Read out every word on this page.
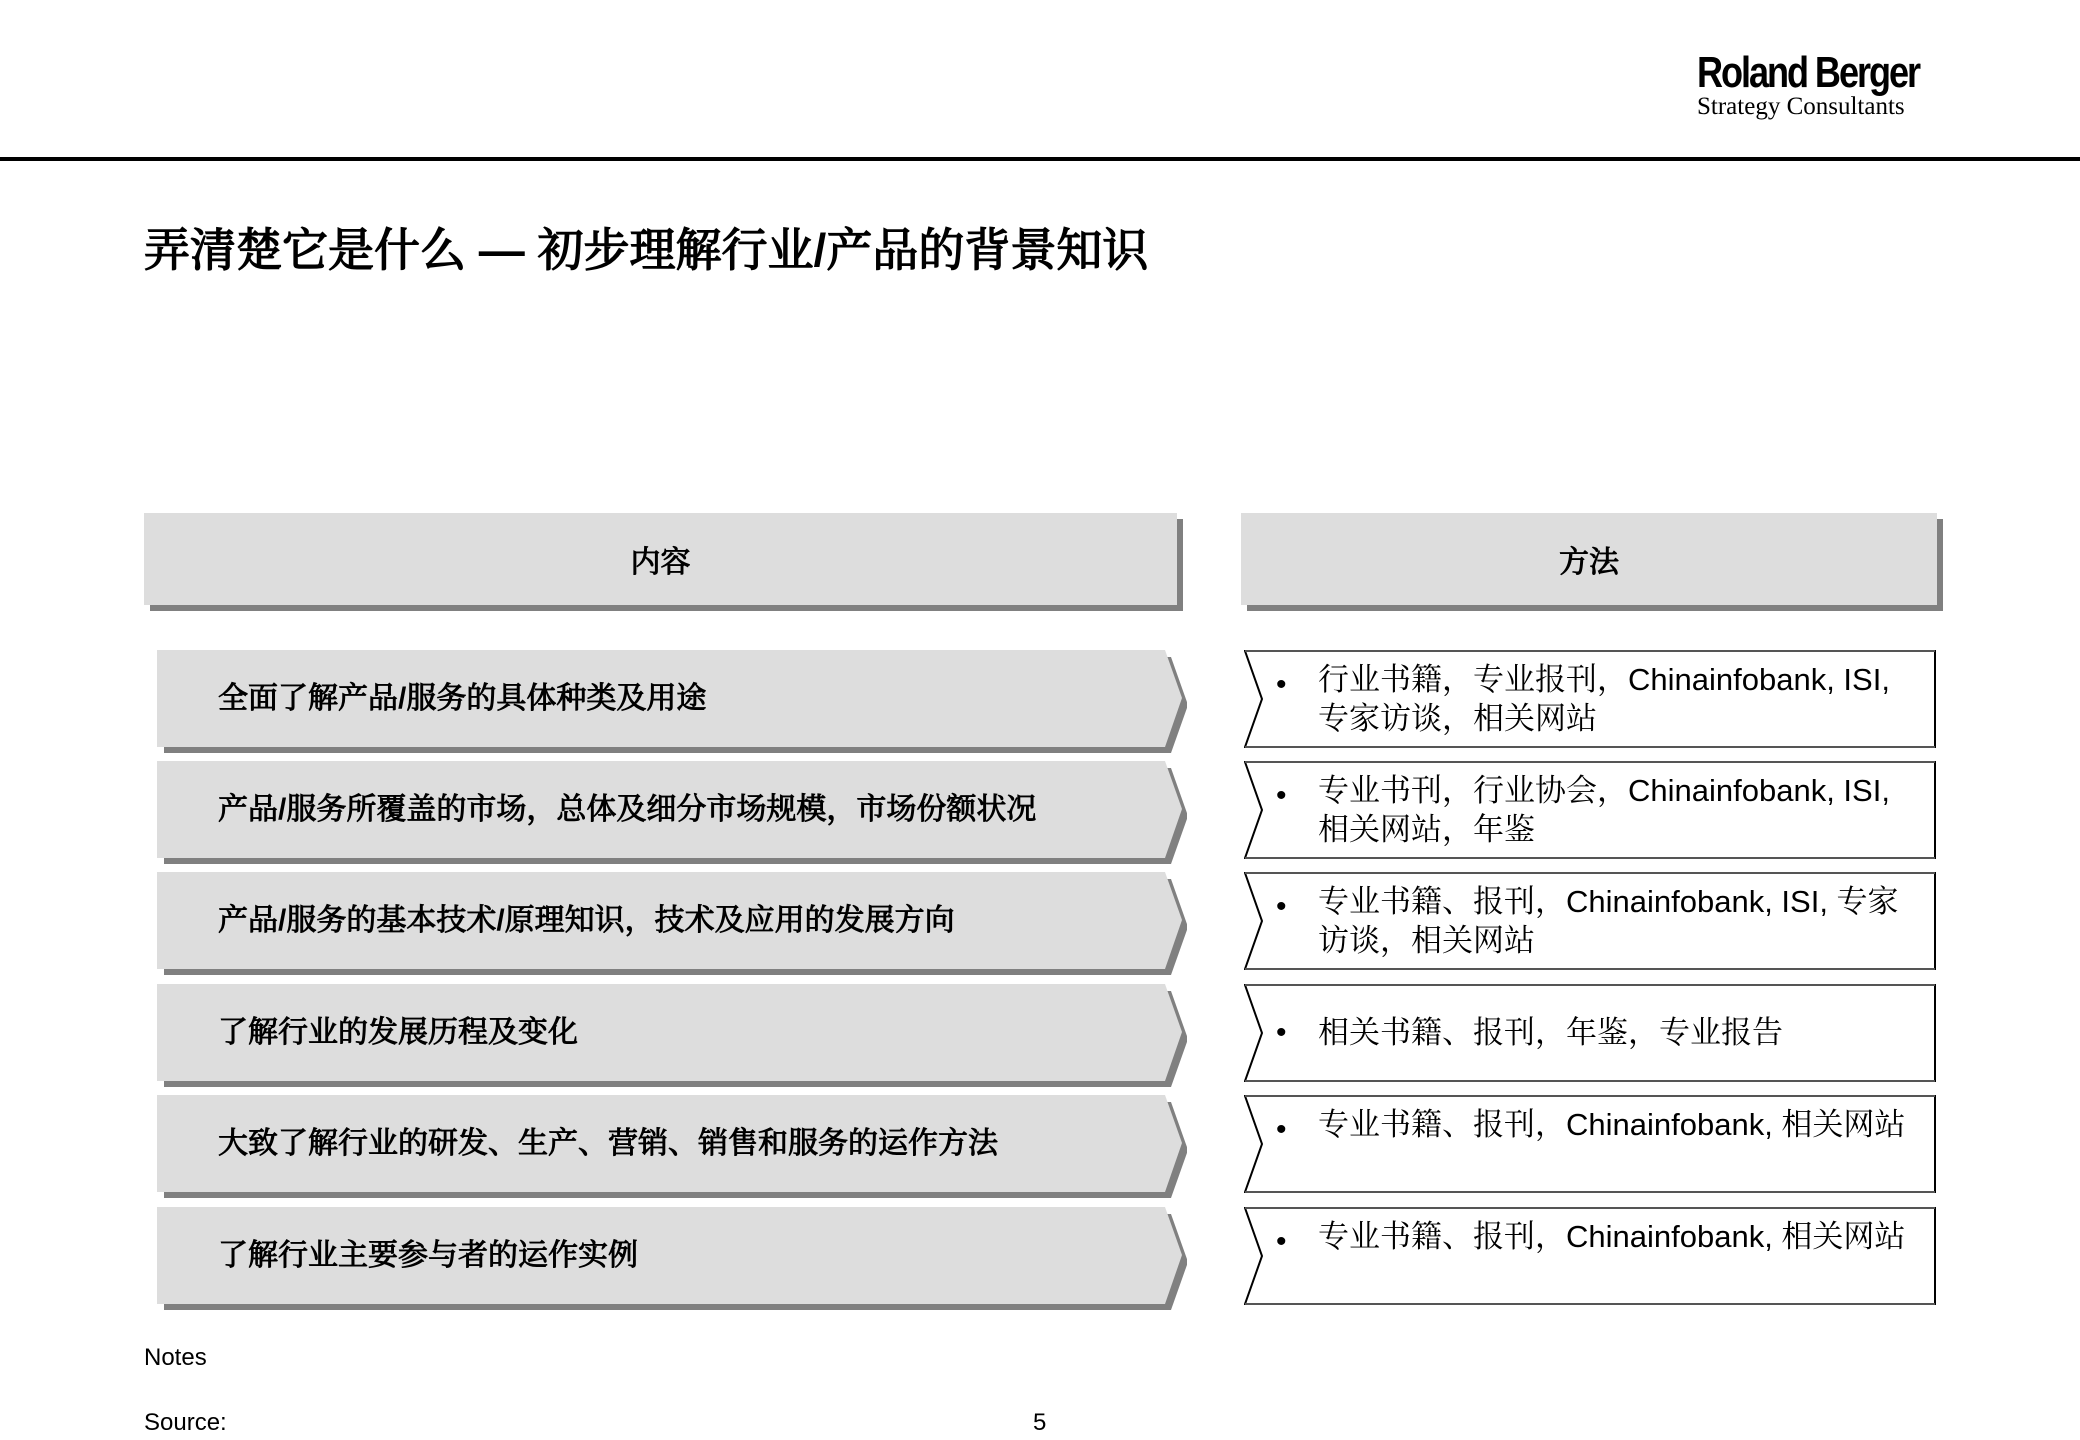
Roland Berger
Strategy Consultants
弄清楚它是什么 — 初步理解行业/产品的背景知识
内容	方法
全面了解产品/服务的具体种类及用途
产品/服务所覆盖的市场，总体及细分市场规模，市场份额状况
产品/服务的基本技术/原理知识，技术及应用的发展方向
了解行业的发展历程及变化
大致了解行业的研发、生产、营销、销售和服务的运作方法
了解行业主要参与者的运作实例
• 行业书籍，专业报刊，Chinainfobank, ISI, 专家访谈，相关网站
• 专业书刊，行业协会，Chinainfobank, ISI, 相关网站，年鉴
• 专业书籍、报刊，Chinainfobank, ISI, 专家访谈，相关网站
• 相关书籍、报刊，年鉴，专业报告
• 专业书籍、报刊，Chinainfobank, 相关网站
• 专业书籍、报刊，Chinainfobank, 相关网站
Notes
Source:	5
